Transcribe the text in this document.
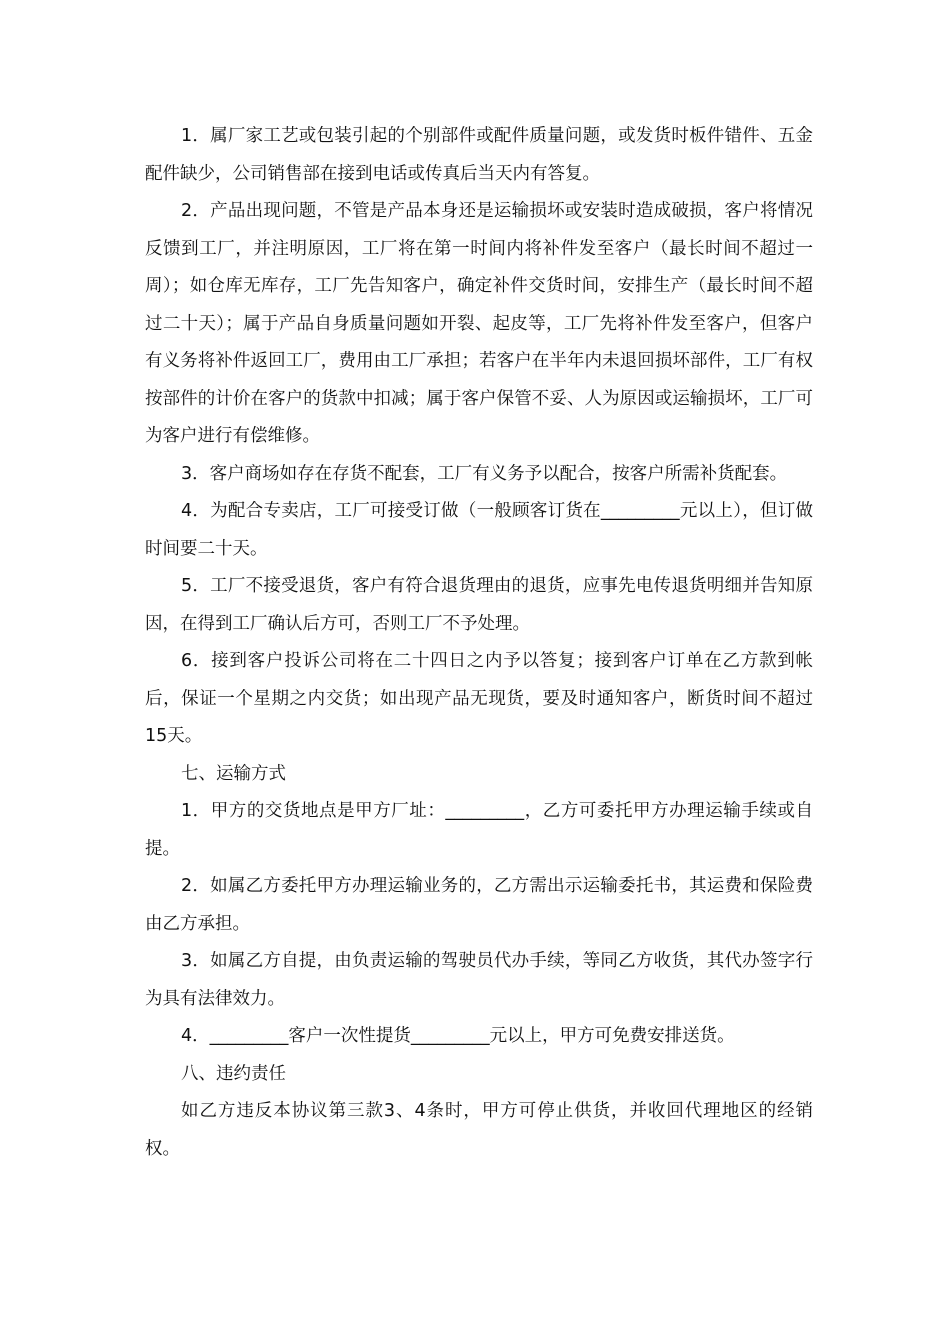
1．属厂家工艺或包装引起的个别部件或配件质量问题，或发货时板件错件、五金配件缺少，公司销售部在接到电话或传真后当天内有答复。

2．产品出现问题，不管是产品本身还是运输损坏或安装时造成破损，客户将情况反馈到工厂，并注明原因，工厂将在第一时间内将补件发至客户（最长时间不超过一周）；如仓库无库存，工厂先告知客户，确定补件交货时间，安排生产（最长时间不超过二十天）；属于产品自身质量问题如开裂、起皮等，工厂先将补件发至客户，但客户有义务将补件返回工厂，费用由工厂承担；若客户在半年内未退回损坏部件，工厂有权按部件的计价在客户的货款中扣减；属于客户保管不妥、人为原因或运输损坏，工厂可为客户进行有偿维修。

3．客户商场如存在存货不配套，工厂有义务予以配合，按客户所需补货配套。

4．为配合专卖店，工厂可接受订做（一般顾客订货在_________元以上），但订做时间要二十天。

5．工厂不接受退货，客户有符合退货理由的退货，应事先电传退货明细并告知原因，在得到工厂确认后方可，否则工厂不予处理。

6．接到客户投诉公司将在二十四日之内予以答复；接到客户订单在乙方款到帐后，保证一个星期之内交货；如出现产品无现货，要及时通知客户，断货时间不超过15天。

七、运输方式

1．甲方的交货地点是甲方厂址：_________，乙方可委托甲方办理运输手续或自提。

2．如属乙方委托甲方办理运输业务的，乙方需出示运输委托书，其运费和保险费由乙方承担。

3．如属乙方自提，由负责运输的驾驶员代办手续，等同乙方收货，其代办签字行为具有法律效力。

4．_________客户一次性提货_________元以上，甲方可免费安排送货。

八、违约责任

如乙方违反本协议第三款3、4条时，甲方可停止供货，并收回代理地区的经销权。
